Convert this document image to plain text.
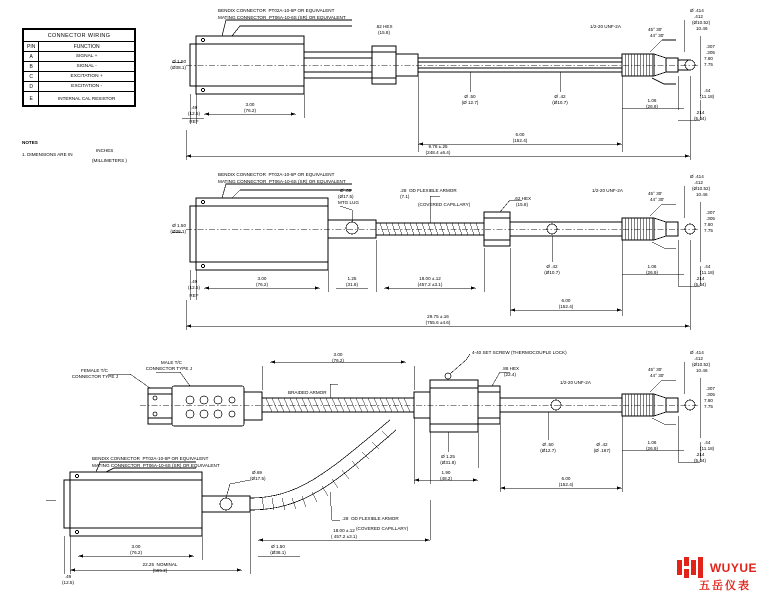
CONNECTOR WIRING	
PIN	FUNCTION
A	SIGNAL +
B	SIGNAL -
C	EXCITATION +
D	EXCITATION -
E	INTERNAL CAL RESISTOR
NOTES
1. DIMENSIONS ARE IN
INCHES
(MILLIMETERS )
BENDIX CONNECTOR  PT02A-10-6P OR EQUIVALENT
MATING CONNECTOR  PT06A-10-6S (SR) OR EQUIVALENT
.62 HEX
(15.8)
1/2-20 UNF-2A
45° 30'
44° 30'
Ø 1.50
(Ø38.1)
Ø .50
(Ø 12.7)
Ø .42
(Ø10.7)
.49
(12.5)
REF
3.00
(76.2)
6.00
(152.4)
9.78 ±.25
(248.4 ±6.4)
Ø .414
.412
(Ø10.52)
10.46
.307
.305
7.80
7.75
.44
(11.18)
1.06
(26.9)
.214
(5.44)
BENDIX CONNECTOR  PT02A-10-6P OR EQUIVALENT
MATING CONNECTOR  PT06A-10-6S (SR) OR EQUIVALENT
Ø .69
(Ø17.5)
MTG LUG
.28  OD FLEXIBLE ARMOR
(7.1)
(COVERED CAPILLARY)
.62 HEX
(15.8)
1/2-20 UNF-2A
45° 30'
44° 30'
Ø 1.50
(Ø38.1)
Ø .42
(Ø10.7)
.49
(12.5)
REF
3.00
(76.2)
1.25
(31.8)
18.00 ±.12
(457.2 ±3.1)
6.00
(152.4)
29.75 ±.16
(755.6 ±4.6)
Ø .414
.412
(Ø10.52)
10.46
.307
.305
7.80
7.75
.44
(11.18)
1.06
(26.9)
.214
(5.44)
FEMALE T/C
CONNECTOR TYPE J
MALE T/C
CONNECTOR TYPE J
BRAIDED ARMOR
4-40 SET SCREW (THERMOCOUPLE LOCK)
.88 HEX
(22.4)
1/2-20 UNF-2A
45° 30'
44° 30'
3.00
(76.2)
Ø 1.25
(Ø31.8)
1.90
(48.2)
Ø .50
(Ø12.7)
Ø .42
(Ø .167)
6.00
(152.4)
Ø .414
.412
(Ø10.52)
10.46
.307
.305
7.80
7.75
.44
(11.18)
1.06
(26.9)
.214
(5.44)
BENDIX CONNECTOR  PT02A-10-6P OR EQUIVALENT
MATING CONNECTOR  PT06A-10-6S (SR) OR EQUIVALENT
Ø.69
(Ø17.5)
.28  OD FLEXIBLE ARMOR
(COVERED CAPILLARY)
3.00
(76.2)
Ø 1.50
(Ø38.1)
.49
(12.5)
22.25  NOMINAL
(565.2)
18.00 ±.12
( 457.2 ±3.1)
WUYUE
五岳仪表
